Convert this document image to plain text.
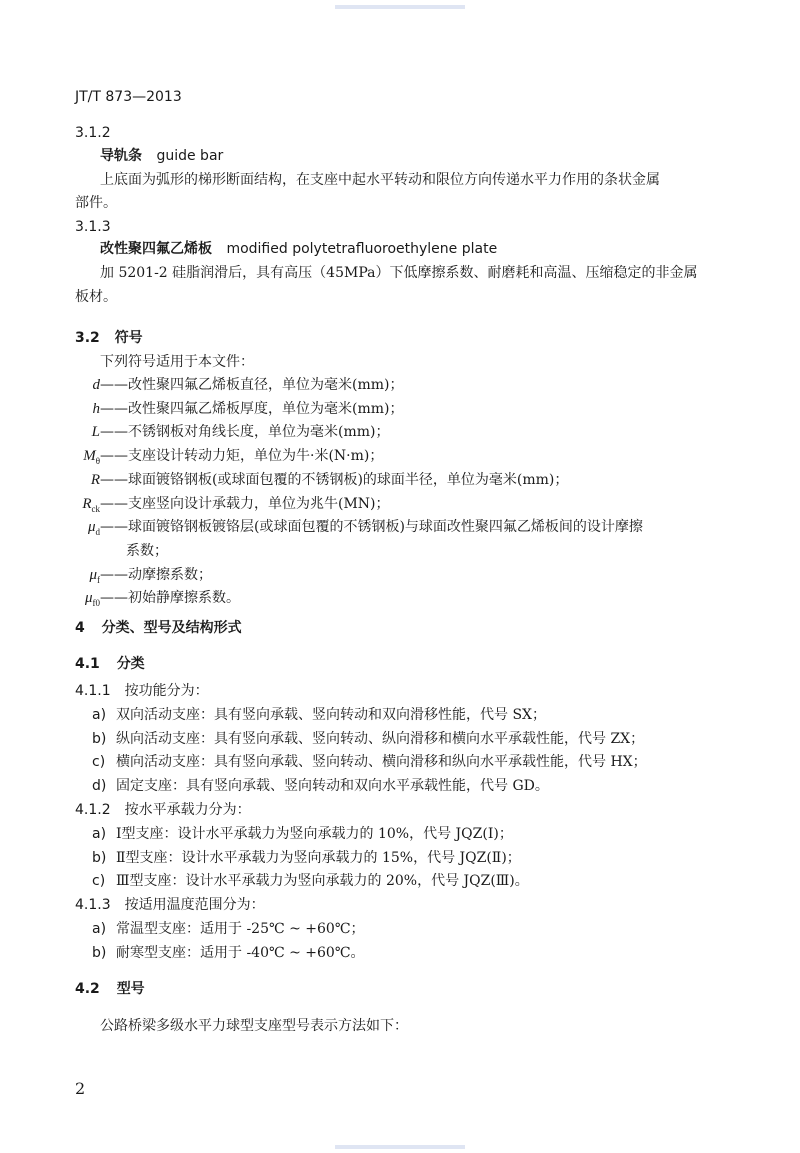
JT/T 873—2013
3.1.2
导轨条 guide bar
上底面为弧形的梯形断面结构，在支座中起水平转动和限位方向传递水平力作用的条状金属
部件。
3.1.3
改性聚四氟乙烯板 modified polytetrafluoroethylene plate
加 5201-2 硅脂润滑后，具有高压（45MPa）下低摩擦系数、耐磨耗和高温、压缩稳定的非金属
板材。
3.2 符号
下列符号适用于本文件：
d——改性聚四氟乙烯板直径，单位为毫米(mm)；
h——改性聚四氟乙烯板厚度，单位为毫米(mm)；
L——不锈钢板对角线长度，单位为毫米(mm)；
$M_\theta——$支座设计转动力矩，单位为牛·米(N·m)；
R——球面镀铬钢板(或球面包覆的不锈钢板)的球面半径，单位为毫米(mm)；
$R_{ck}——$支座竖向设计承载力，单位为兆牛(MN)；
$\mu_d——$球面镀铬钢板镀铬层(或球面包覆的不锈钢板)与球面改性聚四氟乙烯板间的设计摩擦
系数；
$\mu_f——$动摩擦系数；
$\mu_{f0}——$初始静摩擦系数。
4 分类、型号及结构形式
4.1 分类
4.1.1 按功能分为：
a) 双向活动支座：具有竖向承载、竖向转动和双向滑移性能，代号 SX；
b) 纵向活动支座：具有竖向承载、竖向转动、纵向滑移和横向水平承载性能，代号 ZX；
c) 横向活动支座：具有竖向承载、竖向转动、横向滑移和纵向水平承载性能，代号 HX；
d) 固定支座：具有竖向承载、竖向转动和双向水平承载性能，代号 GD。
4.1.2 按水平承载力分为：
a) Ⅰ型支座：设计水平承载力为竖向承载力的 10%，代号 JQZ(Ⅰ)；
b) Ⅱ型支座：设计水平承载力为竖向承载力的 15%，代号 JQZ(Ⅱ)；
c) Ⅲ型支座：设计水平承载力为竖向承载力的 20%，代号 JQZ(Ⅲ)。
4.1.3 按适用温度范围分为：
a) 常温型支座：适用于 -25℃ ~ +60℃；
b) 耐寒型支座：适用于 -40℃ ~ +60℃。
4.2 型号
公路桥梁多级水平力球型支座型号表示方法如下：
2
